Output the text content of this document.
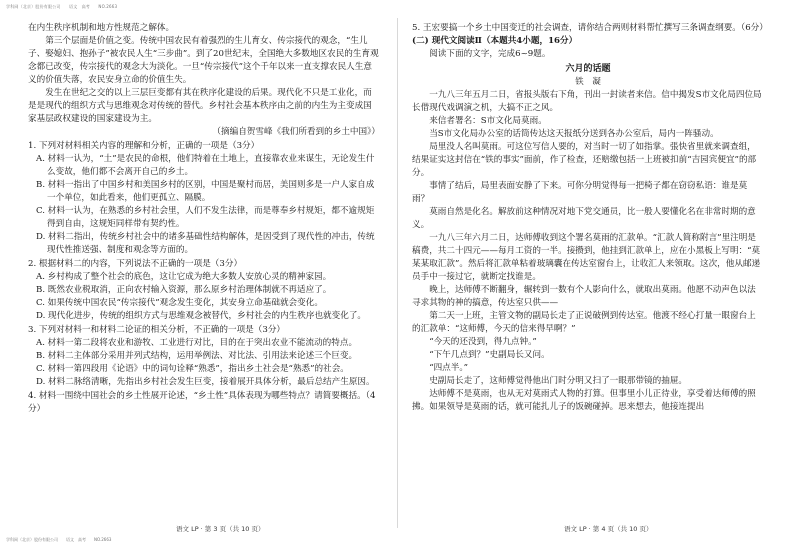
学科网（北京）股份有限公司　　语文　高考　　NO.2663

在内生秩序机制和地方性规范之解体。

第三个层面是价值之变。传统中国农民有着强烈的生儿育女、传宗接代的观念，“生儿子、娶媳妇、抱孙子”被农民人生“三步曲”。到了20世纪末，全国绝大多数地区农民的生育观念都已改变，传宗接代的观念大为淡化。一旦“传宗接代”这个千年以来一直支撑农民人生意义的价值失落，农民安身立命的价值生失。

发生在世纪之交的以上三层巨变都有其在秩序化建设的后果。现代化不只是工业化，而是是现代的组织方式与思维观念对传统的替代。乡村社会基本秩序由之前的内生为主变成国家基层政权建设的国家建设为主。

（摘编自贺雪峰《我们所看到的乡土中国》）

1. 下列对材料相关内容的理解和分析，正确的一项是（3分）

A. 材料一认为，“土”是农民的命根，他们特着在土地上，直接靠农业来谋生，无论发生什么变故，他们都不会离开自己的乡土。

B. 材料一指出了中国乡村和美国乡村的区别，中国是聚村而居，美国则多是一户人家自成一个单位，如此看来，他们更孤立、隔膜。

C. 材料一认为，在熟悉的乡村社会里，人们不发生法律，而是尊奉乡村规矩，都不逾规矩得到自由，这规矩同样带有契约性。

D. 材料二指出，传统乡村社会中的诸多基础性结构解体，是因受到了现代性的冲击，传统现代性推送强、制度和观念等方面的。

2. 根据材料二的内容，下列说法不正确的一项是（3分）

A. 乡村构成了整个社会的底色，这让它成为绝大多数人安放心灵的精神家园。

B. 既然农业税取消，正向农村输入资源，那么原乡村治理体制就不再适应了。

C. 如果传统中国农民“传宗接代”观念发生变化，其安身立命基础就会变化。

D. 现代化进步，传统的组织方式与思维观念被替代，乡村社会的内生秩序也就变化了。

3. 下列对材料一和材料二论证的相关分析，不正确的一项是（3分）

A. 材料一第二段将农业和游牧、工业进行对比，目的在于突出农业不能流动的特点。

B. 材料二主体部分采用并列式结构，运用举例法、对比法、引用法来论述三个巨变。

C. 材料一第四段用《论语》中的词句诠释“熟悉”，指出乡土社会是“熟悉”的社会。

D. 材料二脉络清晰，先指出乡村社会发生巨变，接着展开具体分析，最后总结产生原因。

4. 材料一围绕中国社会的乡土性展开论述，“乡土性”具体表现为哪些特点？请简要概括。（4分）

5. 王宏要搞一个乡土中国变迁的社会调查，请你结合两则材料帮忙撰写三条调查纲要。（6分）

(二) 现代文阅读Ⅱ（本题共4小题，16分）

阅读下面的文字，完成6~9题。

六月的话题

铁　凝

一九八三年五月二日，省报头版右下角，刊出一封读者来信。信中揭发S市文化局四位局长借现代戏调演之机，大搞不正之风。

来信者署名：S市文化局莫雨。

当S市文化局办公室的话筒传达这天报纸分送到各办公室后，局内一阵骚动。

局里没人名叫莫雨。可这位写信人要的，对当时一切了如指掌。張快省里就来调查组，结果证实这封信在“铁的事实”面前，作了检查，还赔缴包括一上班被扣前“吉园宾便宜”的部分。

事情了结后，局里表面安静了下来。可你分明觉得每一把椅子都在窃窃私语：谁是莫雨？

莫雨自然是化名。解放前这种情况对地下党交通员，比一般人要懂化名在非常时期的意义。

一九八三年六月二日，达师傅收到这个署名莫雨的汇款单。“汇款人简称附言”里注明是稿费，共二十四元——每月工资的一半。接攒到，他挂到汇款单上，应在小黑板上写明：“莫某某取汇款”。然后将汇款单粘着玻璃囊在传达室窗台上，让收汇人来领取。这次，他从邮递员手中一接过它，就断定找谁是。

晚上，达师傅不断翻身，辗转到一数有个人影向什么，就取出莫雨。他愿不动声色以法寻求其物的神的搞意，传达室只供——

第二天一上班，主管文物的副局长走了正说破例到传达室。他渡不经心打量一眼窗台上的汇款单：“这师傅，今天的信来得早啊？”

“今天的还没到，得九点钟。”

“下午几点到？”史副局长又问。

“四点半。”

史副局长走了，这师傅觉得他出门时分明又扫了一眼那带镜的抽屉。

达师傅不是莫雨，也从无对莫雨式人物的打算。但事里小儿正待业，享受着达师傅的照拂。如果领导是莫雨的话，就可能扎儿子的饭碗碰掉。思来想去，他接连提出

语文 LP · 第 3 页（共 10 页）	语文 LP · 第 4 页（共 10 页）
学科网（北京）股份有限公司　　语文　高考　　NO.2663
